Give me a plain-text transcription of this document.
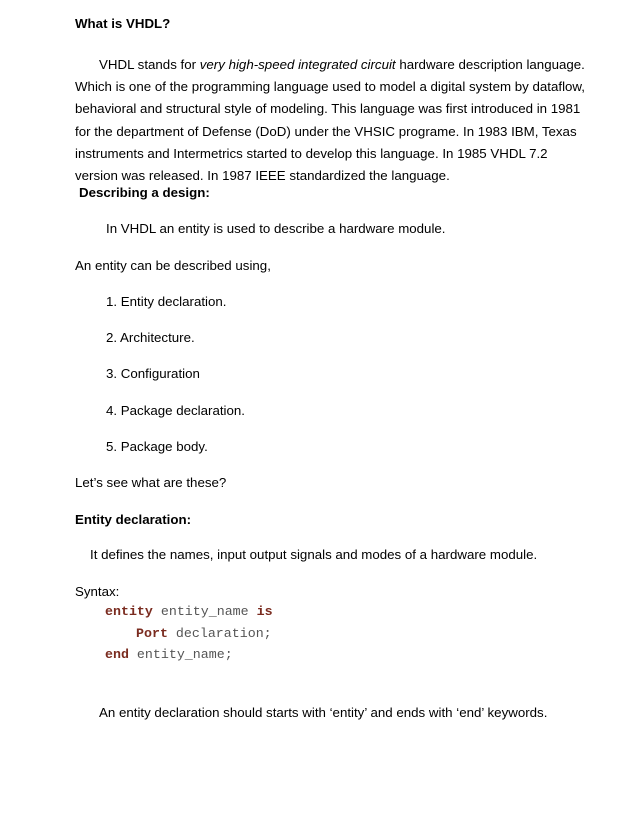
What is VHDL?
VHDL stands for very high-speed integrated circuit hardware description language.
Which is one of the programming language used to model a digital system by dataflow,
behavioral and structural style of modeling. This language was first introduced in 1981
for the department of Defense (DoD) under the VHSIC programe. In 1983 IBM, Texas
instruments and Intermetrics started to develop this language. In 1985 VHDL 7.2
version was released. In 1987 IEEE standardized the language.
Describing a design:
In VHDL an entity is used to describe a hardware module.
An entity can be described using,
1. Entity declaration.
2. Architecture.
3. Configuration
4. Package declaration.
5. Package body.
Let’s see what are these?
Entity declaration:
It defines the names, input output signals and modes of a hardware module.
Syntax:
entity entity_name is
Port declaration;
end entity_name;
An entity declaration should starts with ‘entity’ and ends with ‘end’ keywords.
